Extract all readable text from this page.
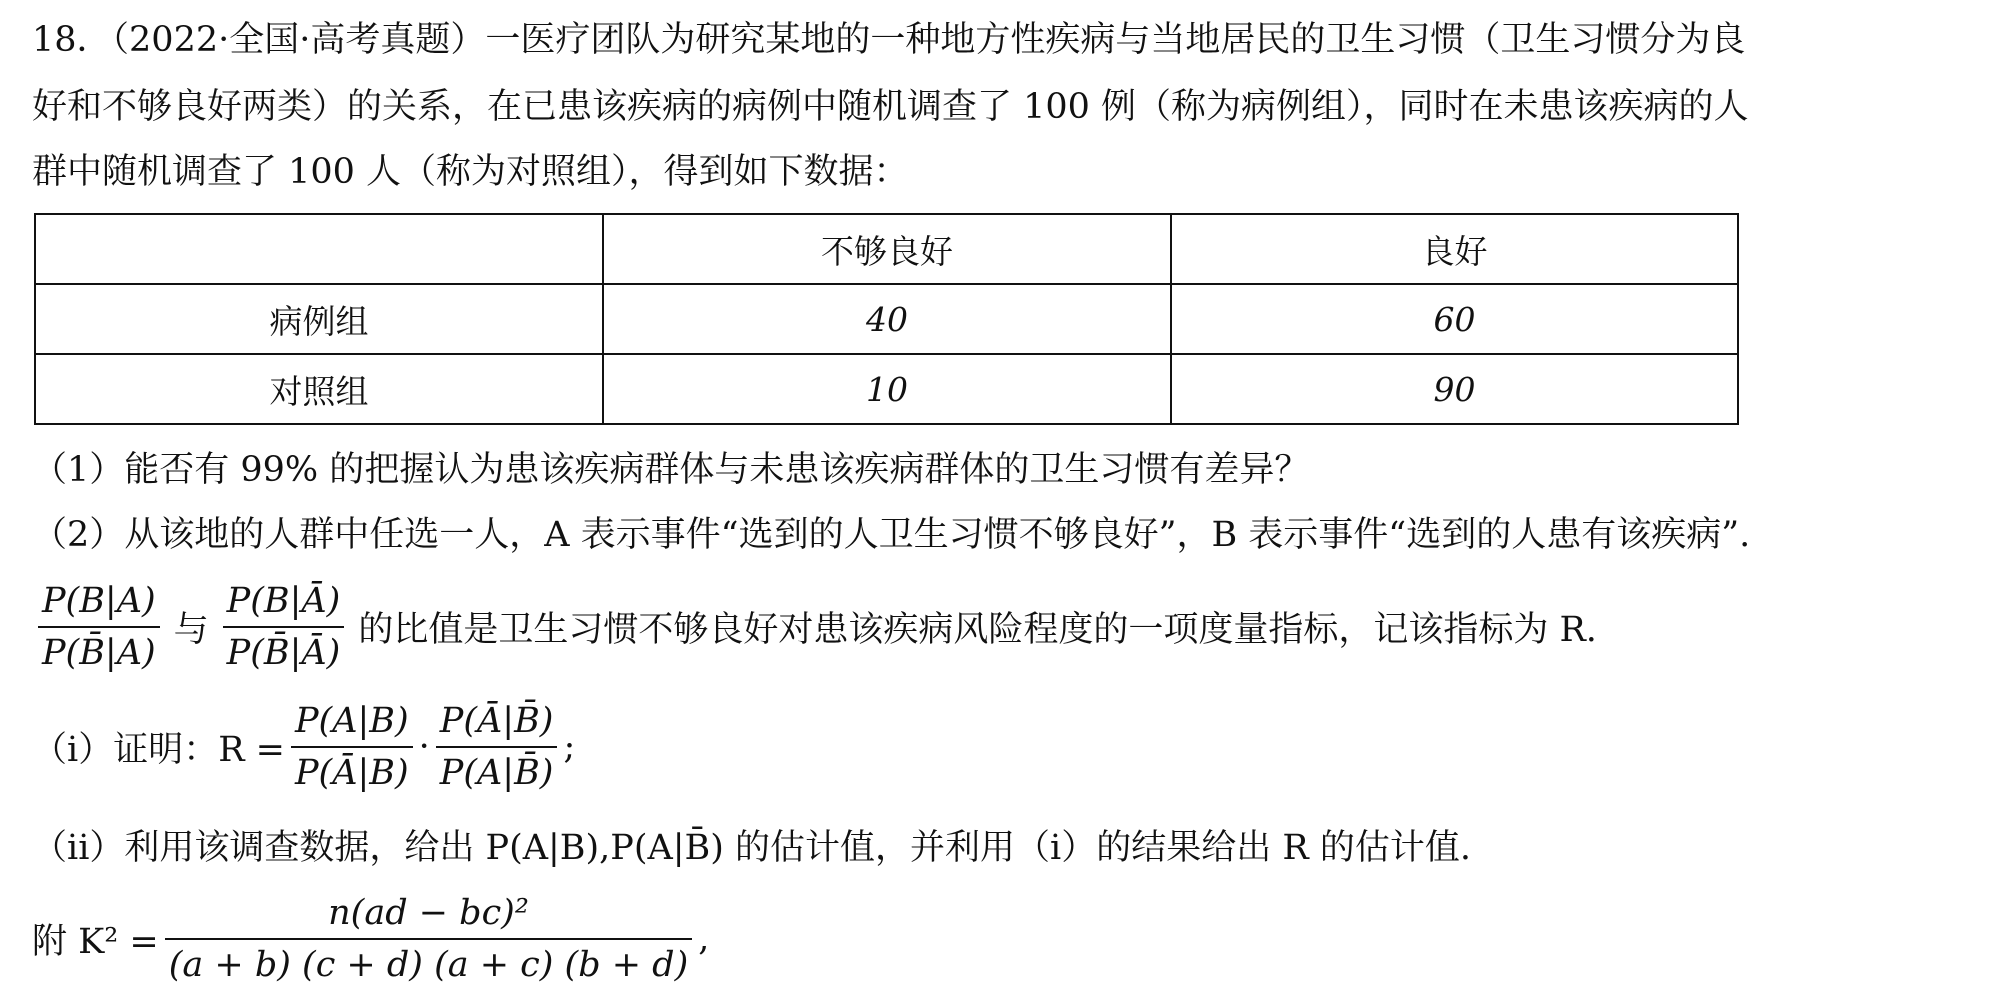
18．（2022·全国·高考真题）一医疗团队为研究某地的一种地方性疾病与当地居民的卫生习惯（卫生习惯分为良
好和不够良好两类）的关系，在已患该疾病的病例中随机调查了 100 例（称为病例组），同时在未患该疾病的人
群中随机调查了 100 人（称为对照组），得到如下数据：
	不够良好	良好
病例组	40	60
对照组	10	90
（1）能否有 99% 的把握认为患该疾病群体与未患该疾病群体的卫生习惯有差异？
（2）从该地的人群中任选一人，A 表示事件“选到的人卫生习惯不够良好”，B 表示事件“选到的人患有该疾病”.
$\frac{P(B|A)}{P(B̄|A)}$ 与 $\frac{P(B|Ā)}{P(B̄|Ā)}$ 的比值是卫生习惯不够良好对患该疾病风险程度的一项度量指标，记该指标为 R.
（i）证明：$R = \frac{P(A|B)}{P(Ā|B)} \cdot \frac{P(Ā|B̄)}{P(A|B̄)}$ ;
（ii）利用该调查数据，给出 P(A|B),P(A|B̄) 的估计值，并利用（i）的结果给出 R 的估计值.
附 $K^2 = \frac{\text{n(ad − bc)²}}{(a + b) (c + d) (a + c) (b + d)}$ ,
